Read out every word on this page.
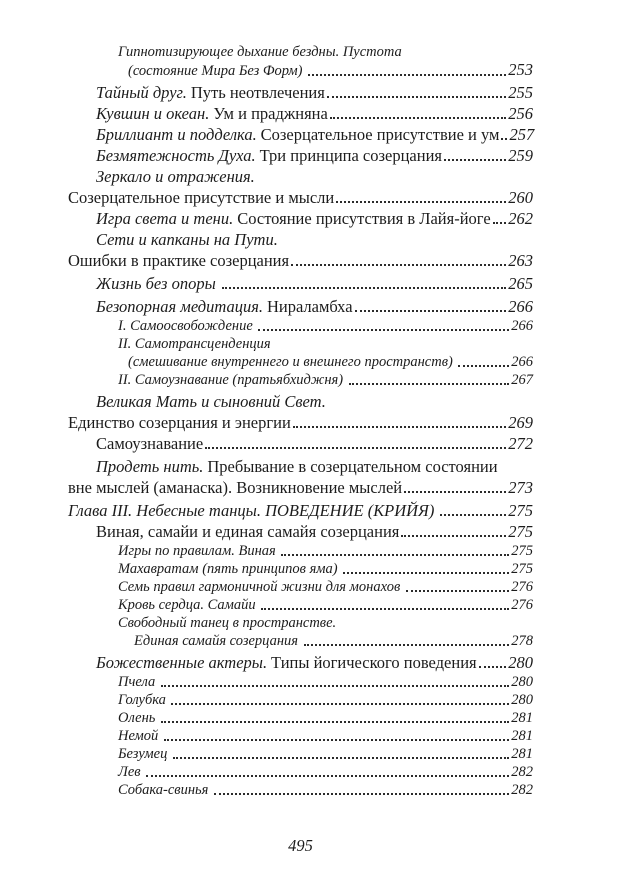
Гипнотизирующее дыхание бездны. Пустота
(состояние Мира Без Форм)	253
Тайный друг. Путь неотвлечения	255
Кувшин и океан. Ум и праджняна	256
Бриллиант и подделка. Созерцательное присутствие и ум 257
Безмятежность Духа. Три принципа созерцания	259
Зеркало и отражения.
Созерцательное присутствие и мысли	260
Игра света и тени. Состояние присутствия в Лайя-йоге 262
Сети и капканы на Пути.
Ошибки в практике созерцания	263
Жизнь без опоры	265
Безопорная медитация. Нираламбха	266
I. Самоосвобождение	266
II. Самотрансценденция
(смешивание внутреннего и внешнего пространств)	266
II. Самоузнавание (пратьябхиджня)	267
Великая Мать и сыновний Свет.
Единство созерцания и энергии	269
Самоузнавание	272
Продеть нить. Пребывание в созерцательном состоянии
вне мыслей (аманаска). Возникновение мыслей	273
Глава III. Небесные танцы. ПОВЕДЕНИЕ (КРИЙЯ)	275
Виная, самайи и единая самайя созерцания	275
Игры по правилам. Виная	275
Махавратам (пять принципов яма)	275
Семь правил гармоничной жизни для монахов	276
Кровь сердца. Самайи	276
Свободный танец в пространстве.
Единая самайя созерцания	278
Божественные актеры. Типы йогического поведения 280
Пчела	280
Голубка	280
Олень	281
Немой	281
Безумец	281
Лев	282
Собака-свинья	282
495
